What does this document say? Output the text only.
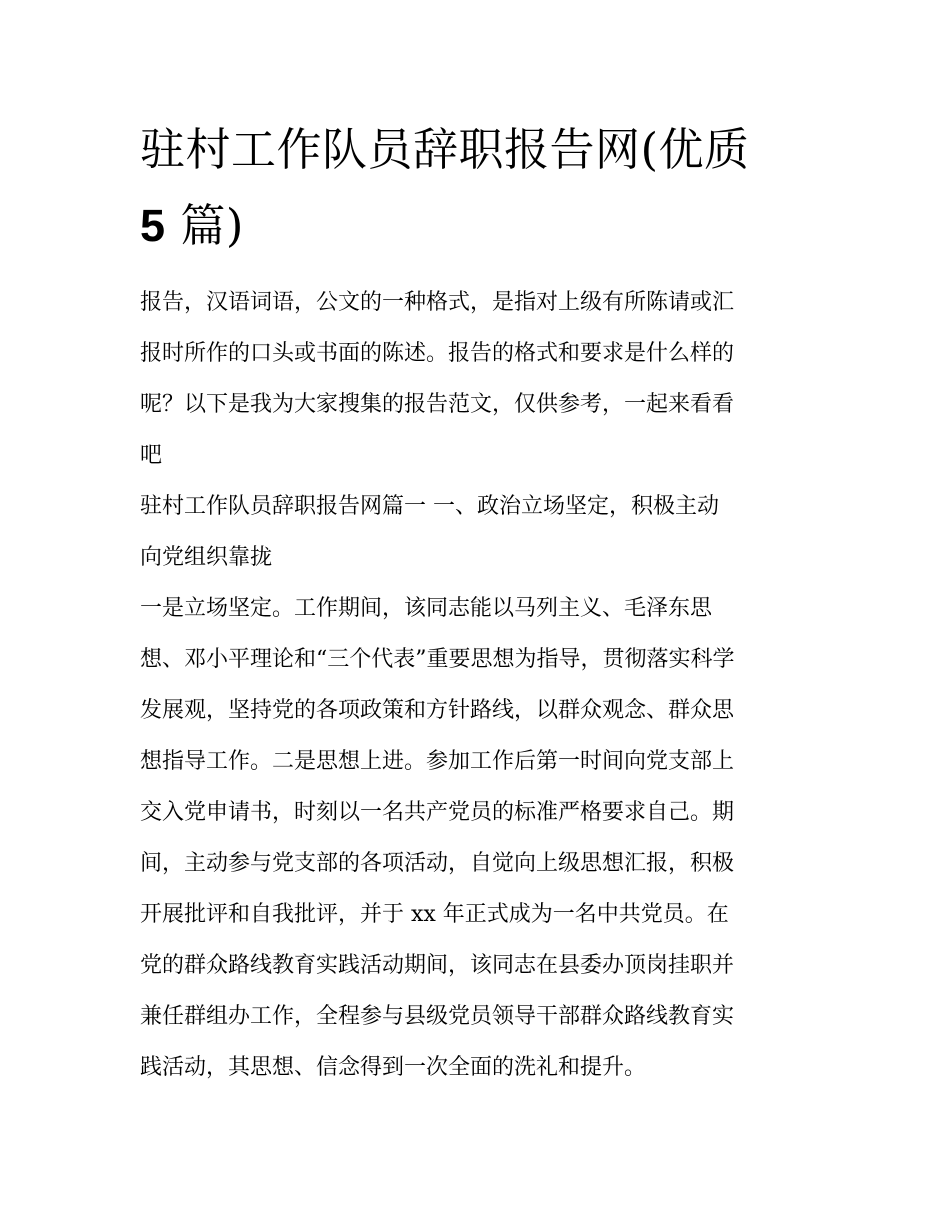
驻村工作队员辞职报告网(优质
5 篇)

报告，汉语词语，公文的一种格式，是指对上级有所陈请或汇
报时所作的口头或书面的陈述。报告的格式和要求是什么样的
呢？以下是我为大家搜集的报告范文，仅供参考，一起来看看
吧

驻村工作队员辞职报告网篇一 一、政治立场坚定，积极主动
向党组织靠拢

一是立场坚定。工作期间，该同志能以马列主义、毛泽东思
想、邓小平理论和“三个代表”重要思想为指导，贯彻落实科学
发展观，坚持党的各项政策和方针路线，以群众观念、群众思
想指导工作。二是思想上进。参加工作后第一时间向党支部上
交入党申请书，时刻以一名共产党员的标准严格要求自己。期
间，主动参与党支部的各项活动，自觉向上级思想汇报，积极
开展批评和自我批评，并于 xx 年正式成为一名中共党员。在
党的群众路线教育实践活动期间，该同志在县委办顶岗挂职并
兼任群组办工作，全程参与县级党员领导干部群众路线教育实
践活动，其思想、信念得到一次全面的洗礼和提升。
